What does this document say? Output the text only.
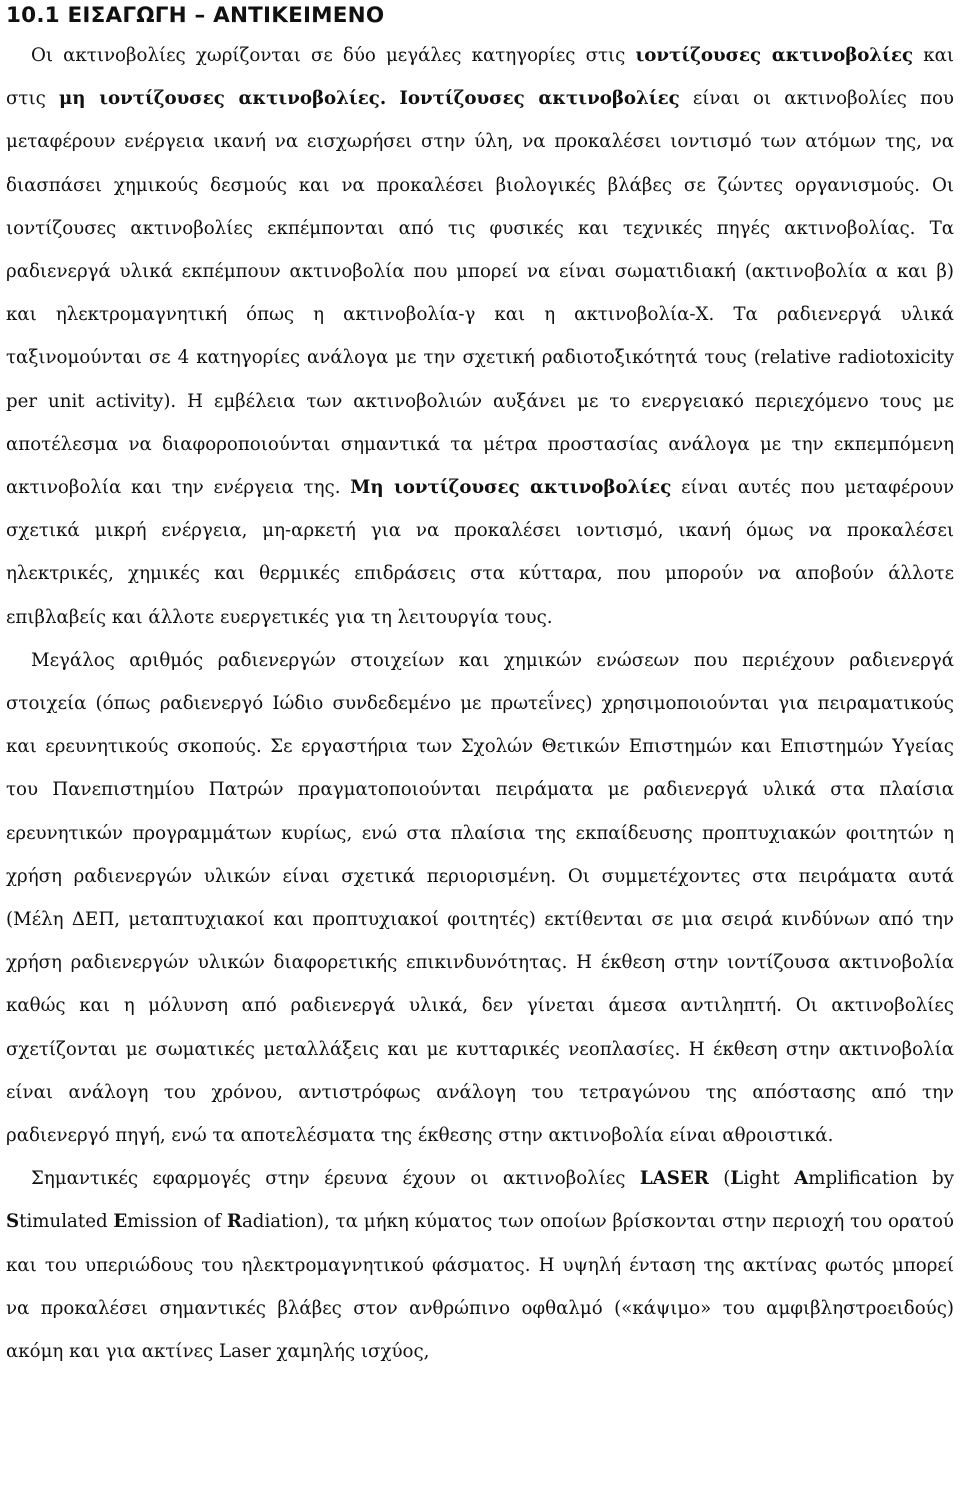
10.1 ΕΙΣΑΓΩΓΗ – ΑΝΤΙΚΕΙΜΕΝΟ

Οι ακτινοβολίες χωρίζονται σε δύο μεγάλες κατηγορίες στις ιοντίζουσες ακτινοβολίες και στις μη ιοντίζουσες ακτινοβολίες. Ιοντίζουσες ακτινοβολίες είναι οι ακτινοβολίες που μεταφέρουν ενέργεια ικανή να εισχωρήσει στην ύλη, να προκαλέσει ιοντισμό των ατόμων της, να διασπάσει χημικούς δεσμούς και να προκαλέσει βιολογικές βλάβες σε ζώντες οργανισμούς. Οι ιοντίζουσες ακτινοβολίες εκπέμπονται από τις φυσικές και τεχνικές πηγές ακτινοβολίας. Τα ραδιενεργά υλικά εκπέμπουν ακτινοβολία που μπορεί να είναι σωματιδιακή (ακτινοβολία α και β) και ηλεκτρομαγνητική όπως η ακτινοβολία-γ και η ακτινοβολία-Χ. Τα ραδιενεργά υλικά ταξινομούνται σε 4 κατηγορίες ανάλογα με την σχετική ραδιοτοξικότητά τους (relative radiotoxicity per unit activity). Η εμβέλεια των ακτινοβολιών αυξάνει με το ενεργειακό περιεχόμενο τους με αποτέλεσμα να διαφοροποιούνται σημαντικά τα μέτρα προστασίας ανάλογα με την εκπεμπόμενη ακτινοβολία και την ενέργεια της. Μη ιοντίζουσες ακτινοβολίες είναι αυτές που μεταφέρουν σχετικά μικρή ενέργεια, μη-αρκετή για να προκαλέσει ιοντισμό, ικανή όμως να προκαλέσει ηλεκτρικές, χημικές και θερμικές επιδράσεις στα κύτταρα, που μπορούν να αποβούν άλλοτε επιβλαβείς και άλλοτε ευεργετικές για τη λειτουργία τους.

Μεγάλος αριθμός ραδιενεργών στοιχείων και χημικών ενώσεων που περιέχουν ραδιενεργά στοιχεία (όπως ραδιενεργό Ιώδιο συνδεδεμένο με πρωτεΐνες) χρησιμοποιούνται για πειραματικούς και ερευνητικούς σκοπούς. Σε εργαστήρια των Σχολών Θετικών Επιστημών και Επιστημών Υγείας του Πανεπιστημίου Πατρών πραγματοποιούνται πειράματα με ραδιενεργά υλικά στα πλαίσια ερευνητικών προγραμμάτων κυρίως, ενώ στα πλαίσια της εκπαίδευσης προπτυχιακών φοιτητών η χρήση ραδιενεργών υλικών είναι σχετικά περιορισμένη. Οι συμμετέχοντες στα πειράματα αυτά (Μέλη ΔΕΠ, μεταπτυχιακοί και προπτυχιακοί φοιτητές) εκτίθενται σε μια σειρά κινδύνων από την χρήση ραδιενεργών υλικών διαφορετικής επικινδυνότητας. Η έκθεση στην ιοντίζουσα ακτινοβολία καθώς και η μόλυνση από ραδιενεργά υλικά, δεν γίνεται άμεσα αντιληπτή. Οι ακτινοβολίες σχετίζονται με σωματικές μεταλλάξεις και με κυτταρικές νεοπλασίες. Η έκθεση στην ακτινοβολία είναι ανάλογη του χρόνου, αντιστρόφως ανάλογη του τετραγώνου της απόστασης από την ραδιενεργό πηγή, ενώ τα αποτελέσματα της έκθεσης στην ακτινοβολία είναι αθροιστικά.

Σημαντικές εφαρμογές στην έρευνα έχουν οι ακτινοβολίες LASER (Light Amplification by Stimulated Emission of Radiation), τα μήκη κύματος των οποίων βρίσκονται στην περιοχή του ορατού και του υπεριώδους του ηλεκτρομαγνητικού φάσματος. Η υψηλή ένταση της ακτίνας φωτός μπορεί να προκαλέσει σημαντικές βλάβες στον ανθρώπινο οφθαλμό («κάψιμο» του αμφιβληστροειδούς) ακόμη και για ακτίνες Laser χαμηλής ισχύος,
